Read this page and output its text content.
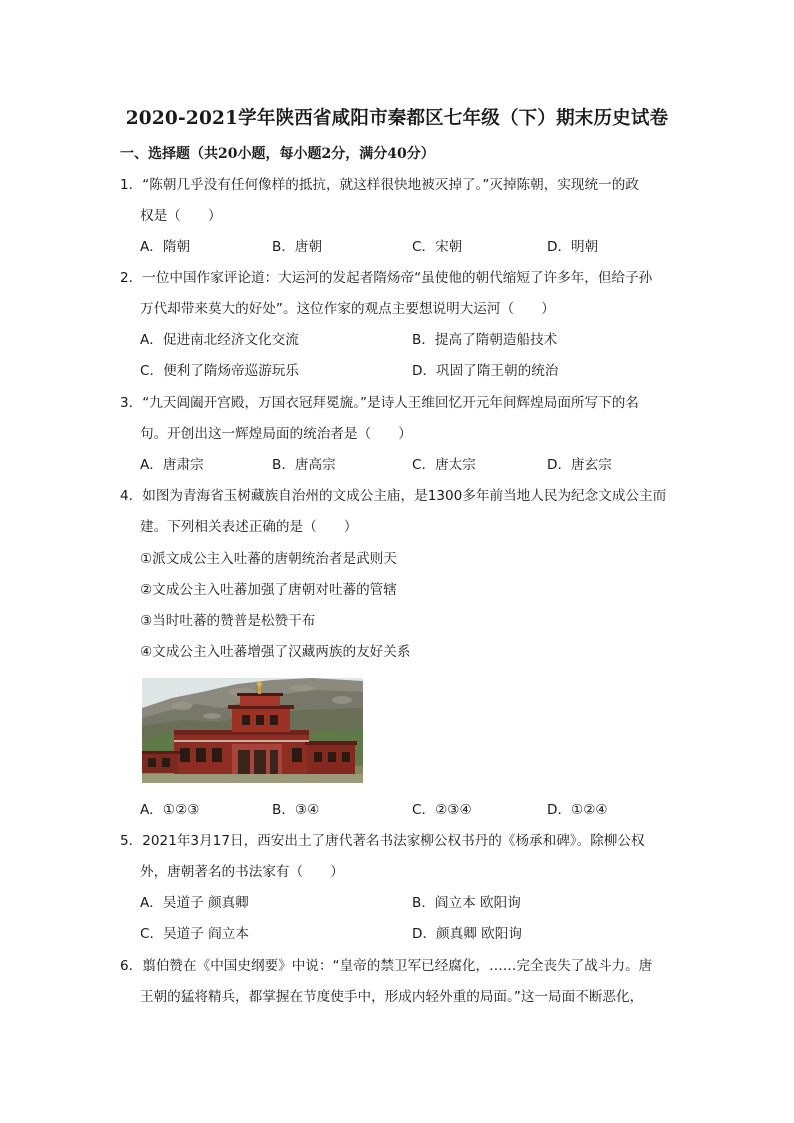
2020-2021学年陕西省咸阳市秦都区七年级（下）期末历史试卷
一、选择题（共20小题，每小题2分，满分40分）
1．“陈朝几乎没有任何像样的抵抗，就这样很快地被灭掉了。”灭掉陈朝，实现统一的政
权是（　　）
A．隋朝	B．唐朝	C．宋朝	D．明朝
2．一位中国作家评论道：大运河的发起者隋炀帝“虽使他的朝代缩短了许多年，但给子孙
万代却带来莫大的好处”。这位作家的观点主要想说明大运河（　　）
A．促进南北经济文化交流	B．提高了隋朝造船技术
C．便利了隋炀帝巡游玩乐	D．巩固了隋王朝的统治
3．“九天阊阖开宫殿，万国衣冠拜冕旒。”是诗人王维回忆开元年间辉煌局面所写下的名
句。开创出这一辉煌局面的统治者是（　　）
A．唐肃宗	B．唐高宗	C．唐太宗	D．唐玄宗
4．如图为青海省玉树藏族自治州的文成公主庙，是1300多年前当地人民为纪念文成公主而
建。下列相关表述正确的是（　　）
①派文成公主入吐蕃的唐朝统治者是武则天
②文成公主入吐蕃加强了唐朝对吐蕃的管辖
③当时吐蕃的赞普是松赞干布
④文成公主入吐蕃增强了汉藏两族的友好关系
A．①②③	B．③④	C．②③④	D．①②④
5．2021年3月17日，西安出土了唐代著名书法家柳公权书丹的《杨承和碑》。除柳公权
外，唐朝著名的书法家有（　　）
A．吴道子 颜真卿	B．阎立本 欧阳询
C．吴道子 阎立本	D．颜真卿 欧阳询
6．翦伯赞在《中国史纲要》中说：“皇帝的禁卫军已经腐化，……完全丧失了战斗力。唐
王朝的猛将精兵，都掌握在节度使手中，形成内轻外重的局面。”这一局面不断恶化，
